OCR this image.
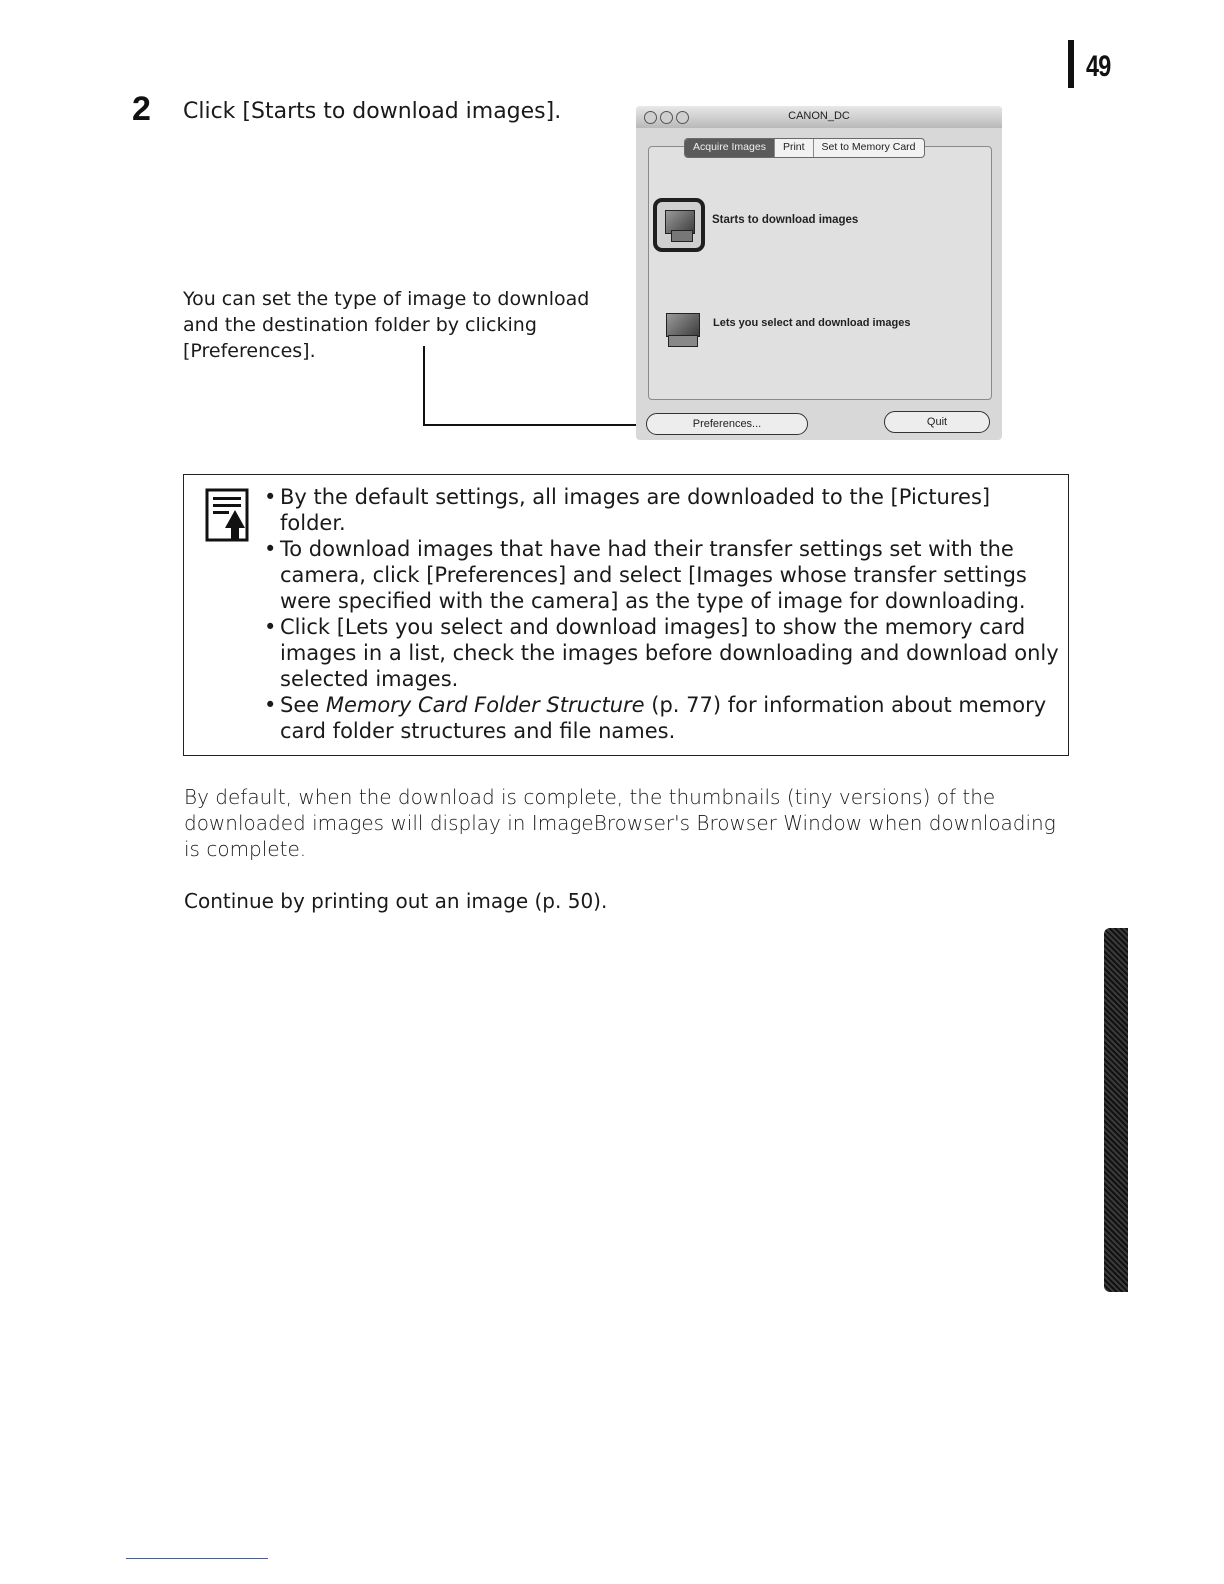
49
2 Click [Starts to download images].
You can set the type of image to download and the destination folder by clicking [Preferences].
CANON_DC
Acquire Images	Print	Set to Memory Card
Starts to download images
Lets you select and download images
Preferences...	Quit
• By the default settings, all images are downloaded to the [Pictures] folder.
• To download images that have had their transfer settings set with the camera, click [Preferences] and select [Images whose transfer settings were specified with the camera] as the type of image for downloading.
• Click [Lets you select and download images] to show the memory card images in a list, check the images before downloading and download only selected images.
• See Memory Card Folder Structure (p. 77) for information about memory card folder structures and file names.
By default, when the download is complete, the thumbnails (tiny versions) of the downloaded images will display in ImageBrowser's Browser Window when downloading is complete.
Continue by printing out an image (p. 50).
